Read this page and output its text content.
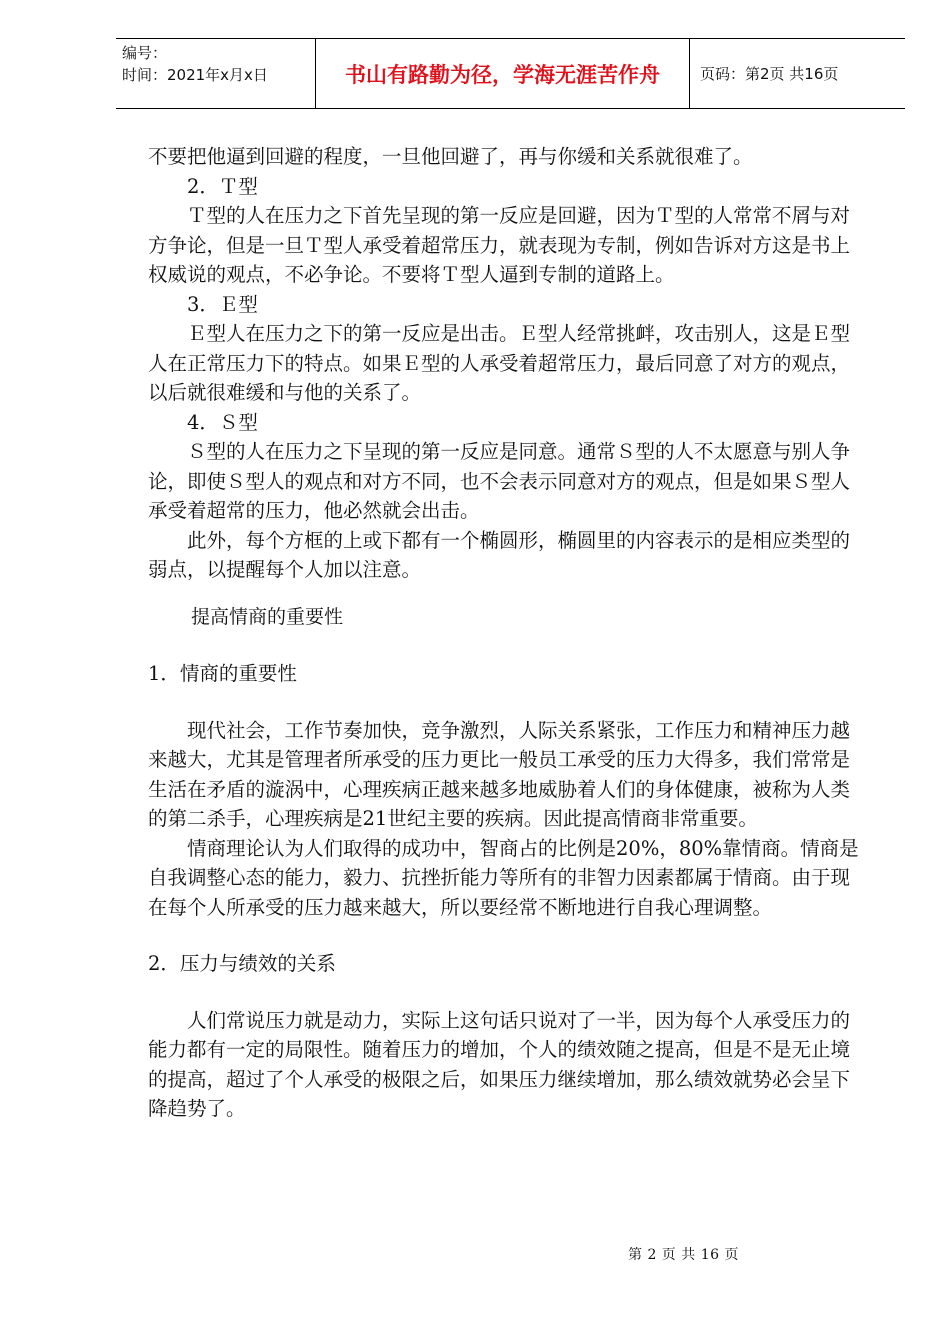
编号：
时间：2021年x月x日	书山有路勤为径，学海无涯苦作舟	页码：第2页 共16页

不要把他逼到回避的程度，一旦他回避了，再与你缓和关系就很难了。

2．Ｔ型

Ｔ型的人在压力之下首先呈现的第一反应是回避，因为Ｔ型的人常常不屑与对方争论，但是一旦Ｔ型人承受着超常压力，就表现为专制，例如告诉对方这是书上权威说的观点，不必争论。不要将Ｔ型人逼到专制的道路上。

3．Ｅ型

Ｅ型人在压力之下的第一反应是出击。Ｅ型人经常挑衅，攻击别人，这是Ｅ型人在正常压力下的特点。如果Ｅ型的人承受着超常压力，最后同意了对方的观点，以后就很难缓和与他的关系了。

4．Ｓ型

Ｓ型的人在压力之下呈现的第一反应是同意。通常Ｓ型的人不太愿意与别人争论，即使Ｓ型人的观点和对方不同，也不会表示同意对方的观点，但是如果Ｓ型人承受着超常的压力，他必然就会出击。

此外，每个方框的上或下都有一个椭圆形，椭圆里的内容表示的是相应类型的弱点，以提醒每个人加以注意。

提高情商的重要性

1．情商的重要性

现代社会，工作节奏加快，竞争激烈，人际关系紧张，工作压力和精神压力越来越大，尤其是管理者所承受的压力更比一般员工承受的压力大得多，我们常常是生活在矛盾的漩涡中，心理疾病正越来越多地威胁着人们的身体健康，被称为人类的第二杀手，心理疾病是21世纪主要的疾病。因此提高情商非常重要。

情商理论认为人们取得的成功中，智商占的比例是20%，80%靠情商。情商是自我调整心态的能力，毅力、抗挫折能力等所有的非智力因素都属于情商。由于现在每个人所承受的压力越来越大，所以要经常不断地进行自我心理调整。

2．压力与绩效的关系

人们常说压力就是动力，实际上这句话只说对了一半，因为每个人承受压力的能力都有一定的局限性。随着压力的增加，个人的绩效随之提高，但是不是无止境的提高，超过了个人承受的极限之后，如果压力继续增加，那么绩效就势必会呈下降趋势了。

第 2 页 共 16 页
